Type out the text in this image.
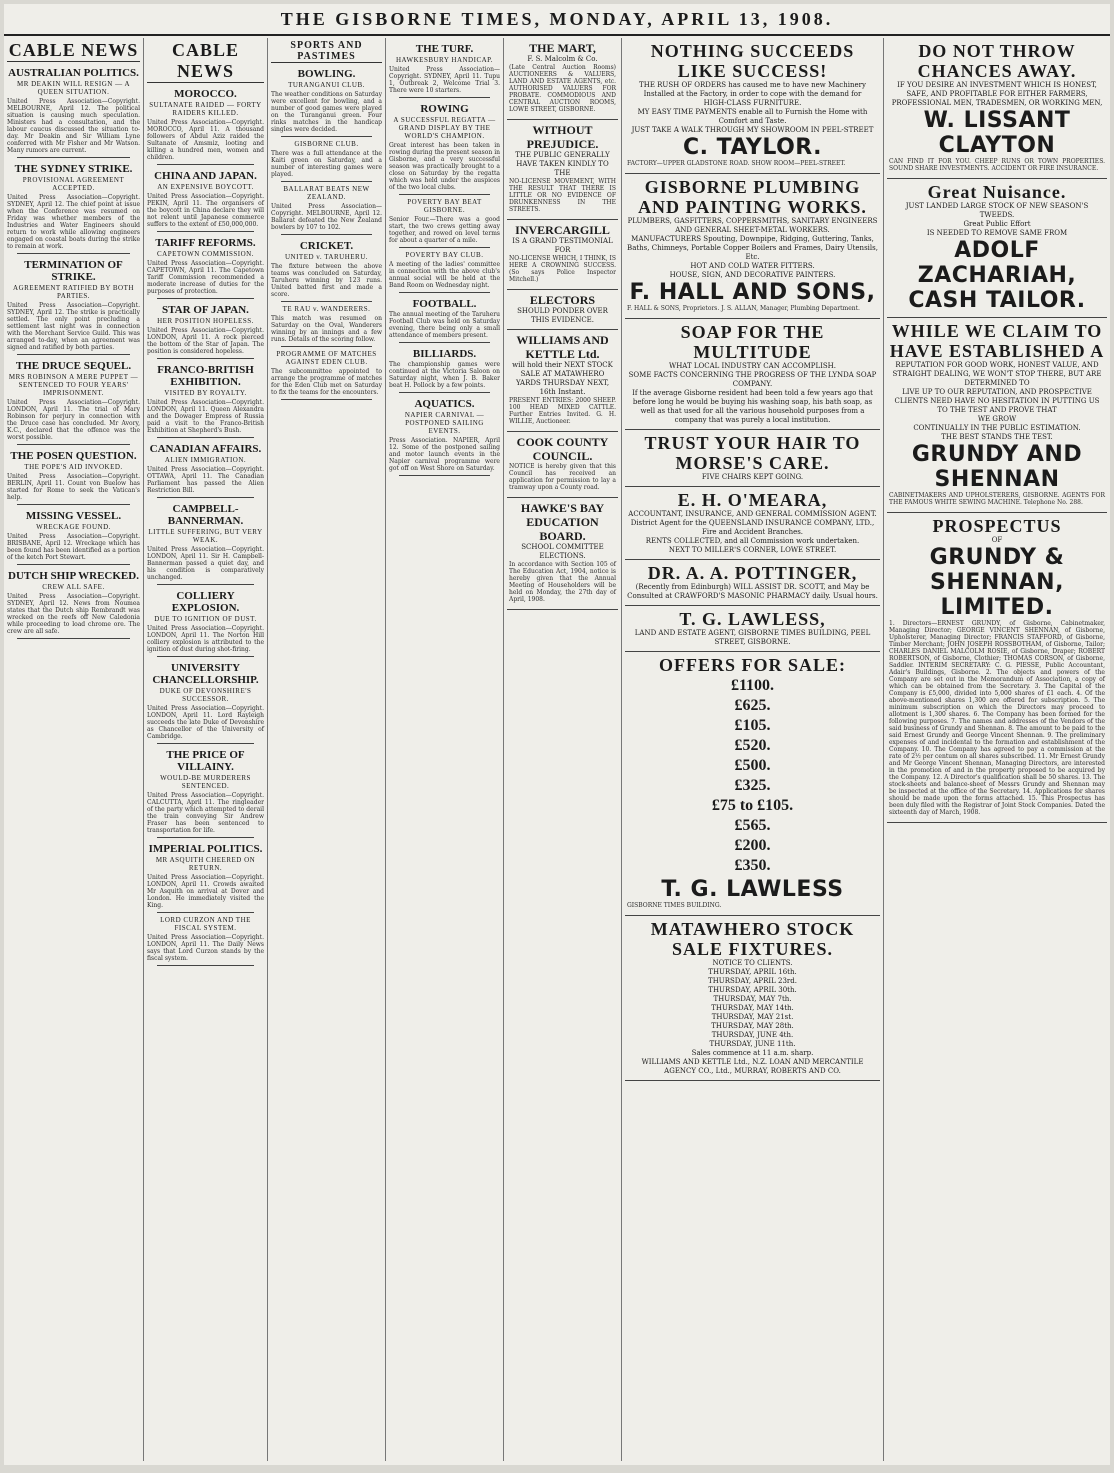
THE GISBORNE TIMES, MONDAY, APRIL 13, 1908.
CABLE NEWS
AUSTRALIAN POLITICS.
MR DEAKIN WILL RESIGN — A QUEEN SITUATION.
United Press Association—Copyright. MELBOURNE, April 12. The political situation is causing much speculation. Ministers had a consultation, and the labour caucus discussed the situation to-day. Mr Deakin and Sir William Lyne conferred with Mr Fisher and Mr Watson. Many rumors are current.
THE SYDNEY STRIKE.
PROVISIONAL AGREEMENT ACCEPTED.
United Press Association—Copyright. SYDNEY, April 12. The chief point at issue when the Conference was resumed on Friday was whether members of the Industries and Water Engineers should return to work while allowing engineers engaged on coastal boats during the strike to remain at work.
TERMINATION OF STRIKE.
AGREEMENT RATIFIED BY BOTH PARTIES.
United Press Association—Copyright. SYDNEY, April 12. The strike is practically settled. The only point precluding a settlement last night was in connection with the Merchant Service Guild. This was arranged to-day, when an agreement was signed and ratified by both parties.
THE DRUCE SEQUEL.
MRS ROBINSON A MERE PUPPET — SENTENCED TO FOUR YEARS' IMPRISONMENT.
United Press Association—Copyright. LONDON, April 11. The trial of Mary Robinson for perjury in connection with the Druce case has concluded. Mr Avory, K.C., declared that the offence was the worst possible.
THE POSEN QUESTION.
THE POPE'S AID INVOKED.
United Press Association—Copyright. BERLIN, April 11. Count von Buelow has started for Rome to seek the Vatican's help.
MISSING VESSEL.
WRECKAGE FOUND.
United Press Association—Copyright. BRISBANE, April 12. Wreckage which has been found has been identified as a portion of the ketch Port Stewart.
DUTCH SHIP WRECKED.
CREW ALL SAFE.
United Press Association—Copyright. SYDNEY, April 12. News from Noumea states that the Dutch ship Rembrandt was wrecked on the reefs off New Caledonia while proceeding to load chrome ore. The crew are all safe.
CABLE NEWS
MOROCCO.
SULTANATE RAIDED — FORTY RAIDERS KILLED.
United Press Association—Copyright. MOROCCO, April 11. A thousand followers of Abdul Aziz raided the Sultanate of Amsmiz, looting and killing a hundred men, women and children.
CHINA AND JAPAN.
AN EXPENSIVE BOYCOTT.
United Press Association—Copyright. PEKIN, April 11. The organisers of the boycott in China declare they will not relent until Japanese commerce suffers to the extent of £50,000,000.
TARIFF REFORMS.
CAPETOWN COMMISSION.
United Press Association—Copyright. CAPETOWN, April 11. The Capetown Tariff Commission recommended a moderate increase of duties for the purposes of protection.
STAR OF JAPAN.
HER POSITION HOPELESS.
United Press Association—Copyright. LONDON, April 11. A rock pierced the bottom of the Star of Japan. The position is considered hopeless.
FRANCO-BRITISH EXHIBITION.
VISITED BY ROYALTY.
United Press Association—Copyright. LONDON, April 11. Queen Alexandra and the Dowager Empress of Russia paid a visit to the Franco-British Exhibition at Shepherd's Bush.
CANADIAN AFFAIRS.
ALIEN IMMIGRATION.
United Press Association—Copyright. OTTAWA, April 11. The Canadian Parliament has passed the Alien Restriction Bill.
CAMPBELL-BANNERMAN.
LITTLE SUFFERING, BUT VERY WEAK.
United Press Association—Copyright. LONDON, April 11. Sir H. Campbell-Bannerman passed a quiet day, and his condition is comparatively unchanged.
COLLIERY EXPLOSION.
DUE TO IGNITION OF DUST.
United Press Association—Copyright. LONDON, April 11. The Norton Hill colliery explosion is attributed to the ignition of dust during shot-firing.
UNIVERSITY CHANCELLORSHIP.
DUKE OF DEVONSHIRE'S SUCCESSOR.
United Press Association—Copyright. LONDON, April 11. Lord Rayleigh succeeds the late Duke of Devonshire as Chancellor of the University of Cambridge.
THE PRICE OF VILLAINY.
WOULD-BE MURDERERS SENTENCED.
United Press Association—Copyright. CALCUTTA, April 11. The ringleader of the party which attempted to derail the train conveying Sir Andrew Fraser has been sentenced to transportation for life.
IMPERIAL POLITICS.
MR ASQUITH CHEERED ON RETURN.
United Press Association—Copyright. LONDON, April 11. Crowds awaited Mr Asquith on arrival at Dover and London. He immediately visited the King.
LORD CURZON AND THE FISCAL SYSTEM.
United Press Association—Copyright. LONDON, April 11. The Daily News says that Lord Curzon stands by the fiscal system.
SPORTS AND PASTIMES
BOWLING.
TURANGANUI CLUB.
The weather conditions on Saturday were excellent for bowling, and a number of good games were played on the Turanganui green. Four rinks matches in the handicap singles were decided.
GISBORNE CLUB.
There was a full attendance at the Kaiti green on Saturday, and a number of interesting games were played.
BALLARAT BEATS NEW ZEALAND.
United Press Association—Copyright. MELBOURNE, April 12. Ballarat defeated the New Zealand bowlers by 107 to 102.
CRICKET.
UNITED v. TARUHERU.
The fixture between the above teams was concluded on Saturday, Taruheru winning by 123 runs. United batted first and made a score.
TE RAU v. WANDERERS.
This match was resumed on Saturday on the Oval, Wanderers winning by an innings and a few runs. Details of the scoring follow.
PROGRAMME OF MATCHES AGAINST EDEN CLUB.
The subcommittee appointed to arrange the programme of matches for the Eden Club met on Saturday to fix the teams for the encounters.
THE TURF.
HAWKESBURY HANDICAP.
United Press Association—Copyright. SYDNEY, April 11. Tupu 1, Outbreak 2, Welcome Trial 3. There were 10 starters.
ROWING
A SUCCESSFUL REGATTA — GRAND DISPLAY BY THE WORLD'S CHAMPION.
Great interest has been taken in rowing during the present season in Gisborne, and a very successful season was practically brought to a close on Saturday by the regatta which was held under the auspices of the two local clubs.
POVERTY BAY BEAT GISBORNE.
Senior Four.—There was a good start, the two crews getting away together, and rowed on level terms for about a quarter of a mile.
POVERTY BAY CLUB.
A meeting of the ladies' committee in connection with the above club's annual social will be held at the Band Room on Wednesday night.
FOOTBALL.
The annual meeting of the Taruheru Football Club was held on Saturday evening, there being only a small attendance of members present.
BILLIARDS.
The championship games were continued at the Victoria Saloon on Saturday night, when J. B. Baker beat H. Pollock by a few points.
AQUATICS.
NAPIER CARNIVAL — POSTPONED SAILING EVENTS.
Press Association. NAPIER, April 12. Some of the postponed sailing and motor launch events in the Napier carnival programme were got off on West Shore on Saturday.
THE MART,
F. S. Malcolm & Co.
(Late Central Auction Rooms) AUCTIONEERS & VALUERS, LAND AND ESTATE AGENTS, etc. AUTHORISED VALUERS FOR PROBATE. COMMODIOUS AND CENTRAL AUCTION ROOMS, LOWE STREET, GISBORNE.
WITHOUT PREJUDICE.
THE PUBLIC GENERALLY HAVE TAKEN KINDLY TO THE
NO-LICENSE MOVEMENT, WITH THE RESULT THAT THERE IS LITTLE OR NO EVIDENCE OF DRUNKENNESS IN THE STREETS.
INVERCARGILL
IS A GRAND TESTIMONIAL FOR
NO-LICENSE WHICH, I THINK, IS HERE A CROWNING SUCCESS. (So says Police Inspector Mitchell.)
ELECTORS
SHOULD PONDER OVER THIS EVIDENCE.
WILLIAMS AND KETTLE Ltd.
will hold their NEXT STOCK SALE AT MATAWHERO YARDS THURSDAY NEXT, 16th Instant.
PRESENT ENTRIES: 2000 SHEEP. 100 HEAD MIXED CATTLE. Further Entries Invited. G. H. WILLIE, Auctioneer.
COOK COUNTY COUNCIL.
NOTICE is hereby given that this Council has received an application for permission to lay a tramway upon a County road.
HAWKE'S BAY EDUCATION BOARD.
SCHOOL COMMITTEE ELECTIONS.
In accordance with Section 105 of The Education Act, 1904, notice is hereby given that the Annual Meeting of Householders will be held on Monday, the 27th day of April, 1908.
NOTHING SUCCEEDS LIKE SUCCESS!
THE RUSH OF ORDERS has caused me to have new Machinery Installed at the Factory, in order to cope with the demand for
HIGH-CLASS FURNITURE.
MY EASY TIME PAYMENTS enable all to Furnish the Home with Comfort and Taste.
JUST TAKE A WALK THROUGH MY SHOWROOM IN PEEL-STREET
C. TAYLOR.
FACTORY—UPPER GLADSTONE ROAD. SHOW ROOM—PEEL-STREET.
GISBORNE PLUMBING AND PAINTING WORKS.
PLUMBERS, GASFITTERS, COPPERSMITHS, SANITARY ENGINEERS AND GENERAL SHEET-METAL WORKERS.
MANUFACTURERS Spouting, Downpipe, Ridging, Guttering, Tanks, Baths, Chimneys, Portable Copper Boilers and Frames, Dairy Utensils, Etc.
HOT AND COLD WATER FITTERS.
HOUSE, SIGN, AND DECORATIVE PAINTERS.
F. HALL AND SONS,
F. HALL & SONS, Proprietors. J. S. ALLAN, Manager, Plumbing Department.
SOAP FOR THE MULTITUDE
WHAT LOCAL INDUSTRY CAN ACCOMPLISH.
SOME FACTS CONCERNING THE PROGRESS OF THE LYNDA SOAP COMPANY.
If the average Gisborne resident had been told a few years ago that before long he would be buying his washing soap, his bath soap, as well as that used for all the various household purposes from a company that was purely a local institution.
TRUST YOUR HAIR TO MORSE'S CARE.
FIVE CHAIRS KEPT GOING.
E. H. O'MEARA,
ACCOUNTANT, INSURANCE, AND GENERAL COMMISSION AGENT.
District Agent for the QUEENSLAND INSURANCE COMPANY, LTD., Fire and Accident Branches.
RENTS COLLECTED, and all Commission work undertaken.
NEXT TO MILLER'S CORNER, LOWE STREET.
DR. A. A. POTTINGER,
(Recently from Edinburgh) WILL ASSIST DR. SCOTT, and May be Consulted at CRAWFORD'S MASONIC PHARMACY daily. Usual hours.
T. G. LAWLESS,
LAND AND ESTATE AGENT, GISBORNE TIMES BUILDING, PEEL STREET, GISBORNE.
OFFERS FOR SALE:
£1100.
£625.
£105.
£520.
£500.
£325.
£75 to £105.
£565.
£200.
£350.
T. G. LAWLESS
GISBORNE TIMES BUILDING.
MATAWHERO STOCK SALE FIXTURES.
NOTICE TO CLIENTS.
THURSDAY, APRIL 16th.
THURSDAY, APRIL 23rd.
THURSDAY, APRIL 30th.
THURSDAY, MAY 7th.
THURSDAY, MAY 14th.
THURSDAY, MAY 21st.
THURSDAY, MAY 28th.
THURSDAY, JUNE 4th.
THURSDAY, JUNE 11th.
Sales commence at 11 a.m. sharp.
WILLIAMS AND KETTLE Ltd., N.Z. LOAN AND MERCANTILE AGENCY CO., Ltd., MURRAY, ROBERTS AND CO.
DO NOT THROW CHANCES AWAY.
IF YOU DESIRE AN INVESTMENT WHICH IS HONEST, SAFE, AND PROFITABLE FOR EITHER FARMERS, PROFESSIONAL MEN, TRADESMEN, OR WORKING MEN,
W. LISSANT CLAYTON
CAN FIND IT FOR YOU. CHEEP RUNS OR TOWN PROPERTIES. SOUND SHARE INVESTMENTS. ACCIDENT OR FIRE INSURANCE.
Great Nuisance.
JUST LANDED LARGE STOCK OF NEW SEASON'S TWEEDS.
Great Public Effort
IS NEEDED TO REMOVE SAME FROM
ADOLF ZACHARIAH, CASH TAILOR.
WHILE WE CLAIM TO HAVE ESTABLISHED A
REPUTATION FOR GOOD WORK, HONEST VALUE, AND STRAIGHT DEALING, WE WON'T STOP THERE, BUT ARE DETERMINED TO
LIVE UP TO OUR REPUTATION, AND PROSPECTIVE CLIENTS NEED HAVE NO HESITATION IN PUTTING US TO THE TEST AND PROVE THAT
WE GROW
CONTINUALLY IN THE PUBLIC ESTIMATION.
THE BEST STANDS THE TEST.
GRUNDY AND SHENNAN
CABINETMAKERS AND UPHOLSTERERS, GISBORNE. AGENTS FOR THE FAMOUS WHITE SEWING MACHINE. Telephone No. 288.
PROSPECTUS
OF
GRUNDY & SHENNAN, LIMITED.
1. Directors—ERNEST GRUNDY, of Gisborne, Cabinetmaker, Managing Director; GEORGE VINCENT SHENNAN, of Gisborne, Upholsterer, Managing Director; FRANCIS STAFFORD, of Gisborne, Timber Merchant; JOHN JOSEPH ROSSBOTHAM, of Gisborne, Tailor; CHARLES DANIEL MALCOLM ROSIE, of Gisborne, Draper; ROBERT ROBERTSON, of Gisborne, Clothier; THOMAS CORSON, of Gisborne, Saddler. INTERIM SECRETARY: C. G. PIESSE, Public Accountant, Adair's Buildings, Gisborne. 2. The objects and powers of the Company are set out in the Memorandum of Association, a copy of which can be obtained from the Secretary. 3. The Capital of the Company is £5,000, divided into 5,000 shares of £1 each. 4. Of the above-mentioned shares 1,300 are offered for subscription. 5. The minimum subscription on which the Directors may proceed to allotment is 1,300 shares. 6. The Company has been formed for the following purposes. 7. The names and addresses of the Vendors of the said business of Grundy and Shennan. 8. The amount to be paid to the said Ernest Grundy and George Vincent Shennan. 9. The preliminary expenses of and incidental to the formation and establishment of the Company. 10. The Company has agreed to pay a commission at the rate of 2½ per centum on all shares subscribed. 11. Mr Ernest Grundy and Mr George Vincent Shennan, Managing Directors, are interested in the promotion of and in the property proposed to be acquired by the Company. 12. A Director's qualification shall be 50 shares. 13. The stock-sheets and balance-sheet of Messrs Grundy and Shennan may be inspected at the office of the Secretary. 14. Applications for shares should be made upon the forms attached. 15. This Prospectus has been duly filed with the Registrar of Joint Stock Companies. Dated the sixteenth day of March, 1908.
